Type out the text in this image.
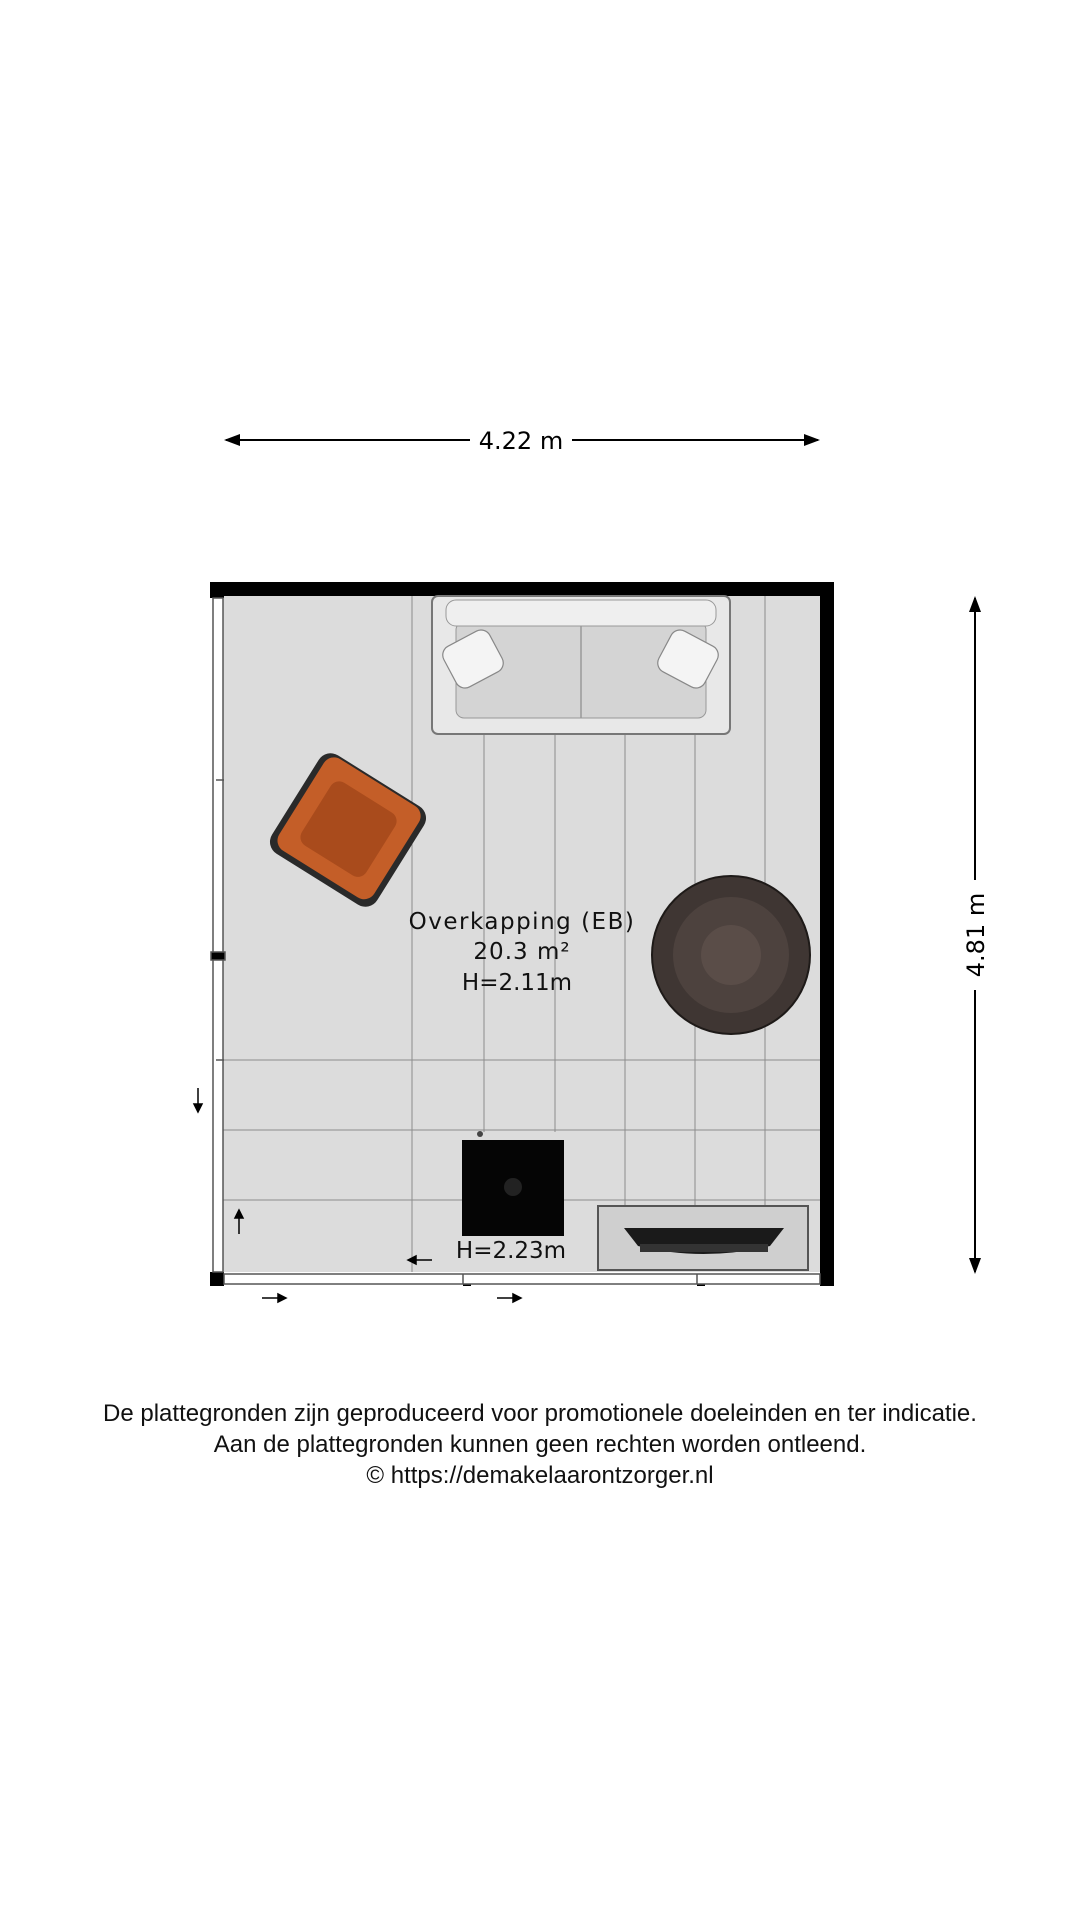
4.22 m
4.81 m
Overkapping (EB)
20.3 m²
H=2.11m
H=2.23m
De plattegronden zijn geproduceerd voor promotionele doeleinden en ter indicatie.
Aan de plattegronden kunnen geen rechten worden ontleend.
© https://demakelaarontzorger.nl
